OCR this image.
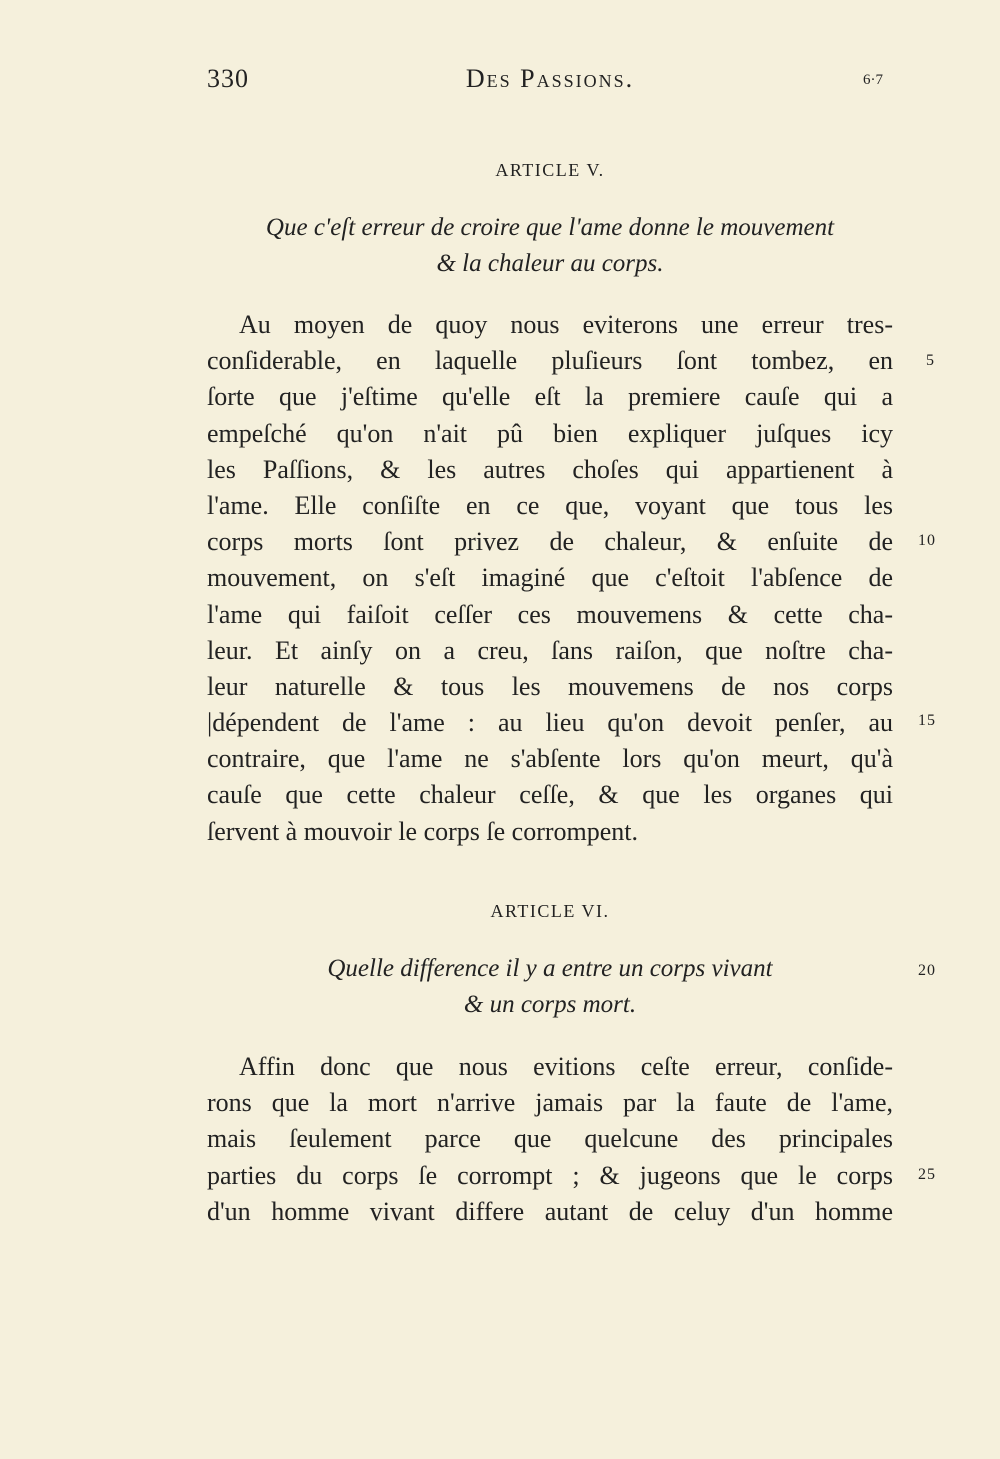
330	Des Passions.	6·7
ARTICLE V.
Que c'eſt erreur de croire que l'ame donne le mouvement
& la chaleur au corps.
Au moyen de quoy nous eviterons une erreur tres-
conſiderable, en laquelle pluſieurs ſont tombez, en
ſorte que j'eſtime qu'elle eſt la premiere cauſe qui a
empeſché qu'on n'ait pû bien expliquer juſques icy
les Paſſions, & les autres choſes qui appartienent à
l'ame. Elle conſiſte en ce que, voyant que tous les
corps morts ſont privez de chaleur, & enſuite de
mouvement, on s'eſt imaginé que c'eſtoit l'abſence de
l'ame qui faiſoit ceſſer ces mouvemens & cette cha-
leur. Et ainſy on a creu, ſans raiſon, que noſtre cha-
leur naturelle & tous les mouvemens de nos corps
|dépendent de l'ame : au lieu qu'on devoit penſer, au
contraire, que l'ame ne s'abſente lors qu'on meurt, qu'à
cauſe que cette chaleur ceſſe, & que les organes qui
ſervent à mouvoir le corps ſe corrompent.
ARTICLE VI.
Quelle difference il y a entre un corps vivant
& un corps mort.
Affin donc que nous evitions ceſte erreur, conſide-
rons que la mort n'arrive jamais par la faute de l'ame,
mais ſeulement parce que quelcune des principales
parties du corps ſe corrompt ; & jugeons que le corps
d'un homme vivant differe autant de celuy d'un homme
5
10
15
20
25
